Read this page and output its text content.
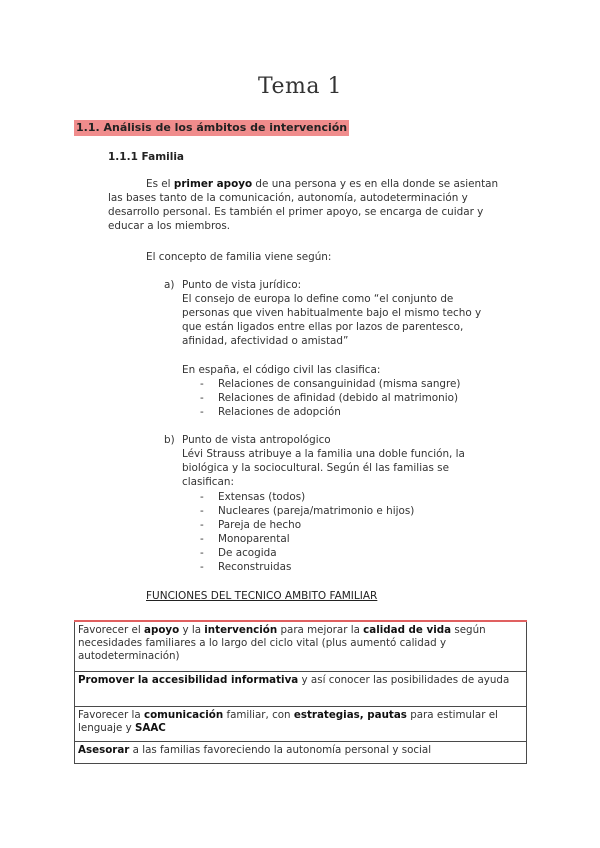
Tema 1
1.1. Análisis de los ámbitos de intervención
1.1.1 Familia
Es el primer apoyo de una persona y es en ella donde se asientan
las bases tanto de la comunicación, autonomía, autodeterminación y
desarrollo personal. Es también el primer apoyo, se encarga de cuidar y
educar a los miembros.
El concepto de familia viene según:
a) Punto de vista jurídico:
El consejo de europa lo define como “el conjunto de
personas que viven habitualmente bajo el mismo techo y
que están ligados entre ellas por lazos de parentesco,
afinidad, afectividad o amistad”
En españa, el código civil las clasifica:
- Relaciones de consanguinidad (misma sangre)
- Relaciones de afinidad (debido al matrimonio)
- Relaciones de adopción
b) Punto de vista antropológico
Lévi Strauss atribuye a la familia una doble función, la
biológica y la sociocultural. Según él las familias se
clasifican:
- Extensas (todos)
- Nucleares (pareja/matrimonio e hijos)
- Pareja de hecho
- Monoparental
- De acogida
- Reconstruidas
FUNCIONES DEL TECNICO AMBITO FAMILIAR
Favorecer el apoyo y la intervención para mejorar la calidad de vida según necesidades familiares a lo largo del ciclo vital (plus aumentó calidad y autodeterminación)
Promover la accesibilidad informativa y así conocer las posibilidades de ayuda
Favorecer la comunicación familiar, con estrategias, pautas para estimular el lenguaje y SAAC
Asesorar a las familias favoreciendo la autonomía personal y social
